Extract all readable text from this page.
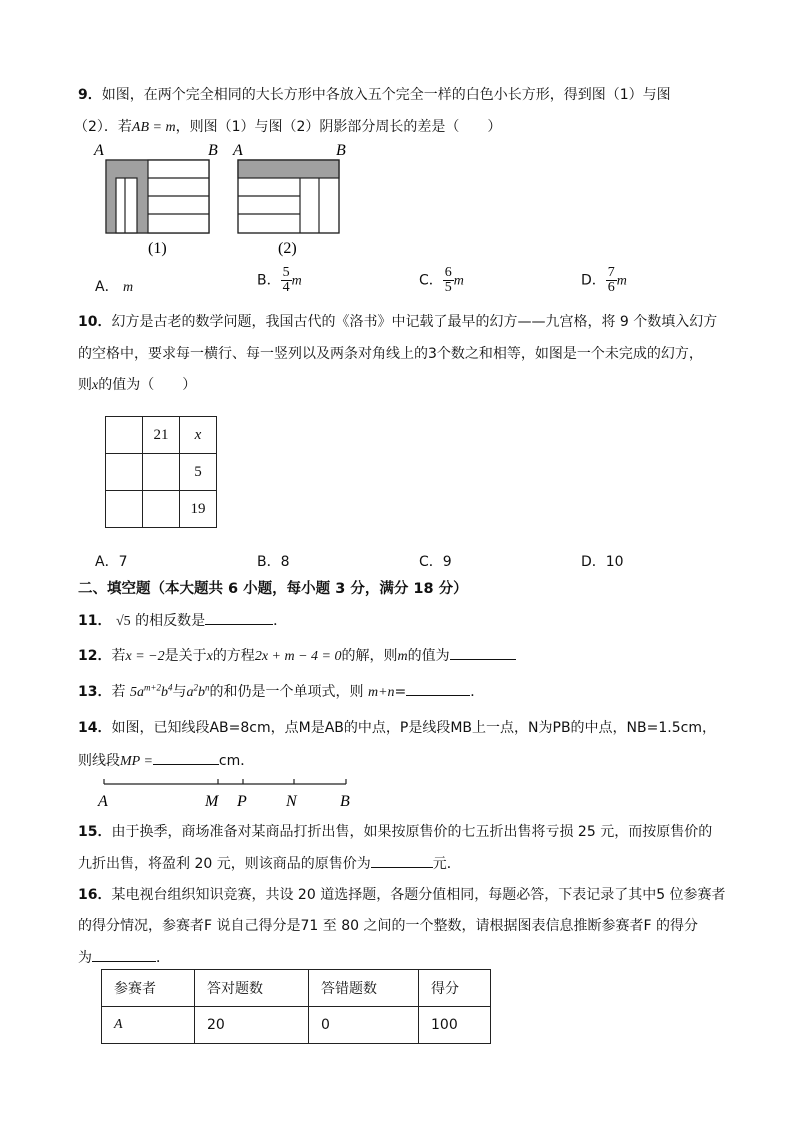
9．如图，在两个完全相同的大长方形中各放入五个完全一样的白色小长方形，得到图（1）与图
（2）．若AB = m，则图（1）与图（2）阴影部分周长的差是（　　）
A	B A	B
(1)	(2)
A． m	B． $\frac{5}{4}$ m	C． $\frac{6}{5}$ m	D． $\frac{7}{6}$ m
10．幻方是古老的数学问题，我国古代的《洛书》中记载了最早的幻方——九宫格，将 9 个数填入幻方
的空格中，要求每一横行、每一竖列以及两条对角线上的3个数之和相等，如图是一个未完成的幻方，
则x的值为（　　）
	21	x
		5
		19
A．7	B．8	C．9	D．10
二、填空题（本大题共 6 小题，每小题 3 分，满分 18 分）
11． √5 的相反数是	．
12．若x = −2是关于x的方程2x + m − 4 = 0的解，则m的值为
13．若 $5a^{m+2}b^4$与$a^2b^n$的和仍是一个单项式，则 m+n=	．
14．如图，已知线段AB=8cm，点M是AB的中点，P是线段MB上一点，N为PB的中点，NB=1.5cm，
则线段MP =	cm．
A	M P N	B
15．由于换季，商场准备对某商品打折出售，如果按原售价的七五折出售将亏损 25 元，而按原售价的
九折出售，将盈利 20 元，则该商品的原售价为	元．
16．某电视台组织知识竞赛，共设 20 道选择题，各题分值相同，每题必答，下表记录了其中5 位参赛者
的得分情况，参赛者F 说自己得分是71 至 80 之间的一个整数，请根据图表信息推断参赛者F 的得分
为	．
参赛者	答对题数	答错题数	得分
A	20	0	100
